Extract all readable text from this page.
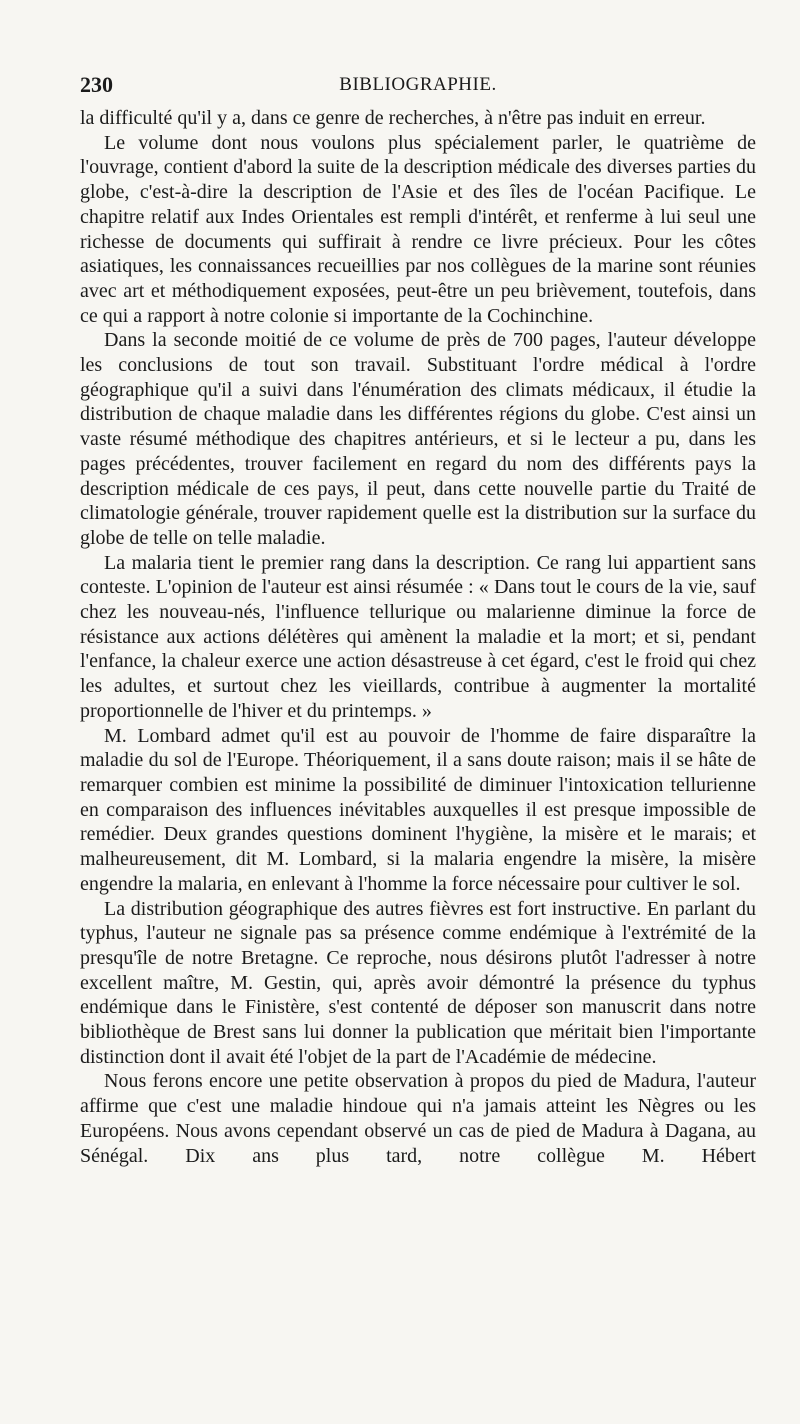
230	BIBLIOGRAPHIE.

la difficulté qu'il y a, dans ce genre de recherches, à n'être pas induit en erreur.

Le volume dont nous voulons plus spécialement parler, le quatrième de l'ouvrage, contient d'abord la suite de la description médicale des diverses parties du globe, c'est-à-dire la description de l'Asie et des îles de l'océan Pacifique. Le chapitre relatif aux Indes Orientales est rempli d'intérêt, et renferme à lui seul une richesse de documents qui suffirait à rendre ce livre précieux. Pour les côtes asiatiques, les connaissances recueillies par nos collègues de la marine sont réunies avec art et méthodiquement exposées, peut-être un peu brièvement, toutefois, dans ce qui a rapport à notre colonie si importante de la Cochinchine.

Dans la seconde moitié de ce volume de près de 700 pages, l'auteur développe les conclusions de tout son travail. Substituant l'ordre médical à l'ordre géographique qu'il a suivi dans l'énumération des climats médicaux, il étudie la distribution de chaque maladie dans les différentes régions du globe. C'est ainsi un vaste résumé méthodique des chapitres antérieurs, et si le lecteur a pu, dans les pages précédentes, trouver facilement en regard du nom des différents pays la description médicale de ces pays, il peut, dans cette nouvelle partie du Traité de climatologie générale, trouver rapidement quelle est la distribution sur la surface du globe de telle on telle maladie.

La malaria tient le premier rang dans la description. Ce rang lui appartient sans conteste. L'opinion de l'auteur est ainsi résumée : « Dans tout le cours de la vie, sauf chez les nouveau-nés, l'influence tellurique ou malarienne diminue la force de résistance aux actions délétères qui amènent la maladie et la mort; et si, pendant l'enfance, la chaleur exerce une action désastreuse à cet égard, c'est le froid qui chez les adultes, et surtout chez les vieillards, contribue à augmenter la mortalité proportionnelle de l'hiver et du printemps. »

M. Lombard admet qu'il est au pouvoir de l'homme de faire disparaître la maladie du sol de l'Europe. Théoriquement, il a sans doute raison; mais il se hâte de remarquer combien est minime la possibilité de diminuer l'intoxication tellurienne en comparaison des influences inévitables auxquelles il est presque impossible de remédier. Deux grandes questions dominent l'hygiène, la misère et le marais; et malheureusement, dit M. Lombard, si la malaria engendre la misère, la misère engendre la malaria, en enlevant à l'homme la force nécessaire pour cultiver le sol.

La distribution géographique des autres fièvres est fort instructive. En parlant du typhus, l'auteur ne signale pas sa présence comme endémique à l'extrémité de la presqu'île de notre Bretagne. Ce reproche, nous désirons plutôt l'adresser à notre excellent maître, M. Gestin, qui, après avoir démontré la présence du typhus endémique dans le Finistère, s'est contenté de déposer son manuscrit dans notre bibliothèque de Brest sans lui donner la publication que méritait bien l'importante distinction dont il avait été l'objet de la part de l'Académie de médecine.

Nous ferons encore une petite observation à propos du pied de Madura, l'auteur affirme que c'est une maladie hindoue qui n'a jamais atteint les Nègres ou les Européens. Nous avons cependant observé un cas de pied de Madura à Dagana, au Sénégal. Dix ans plus tard, notre collègue M. Hébert
